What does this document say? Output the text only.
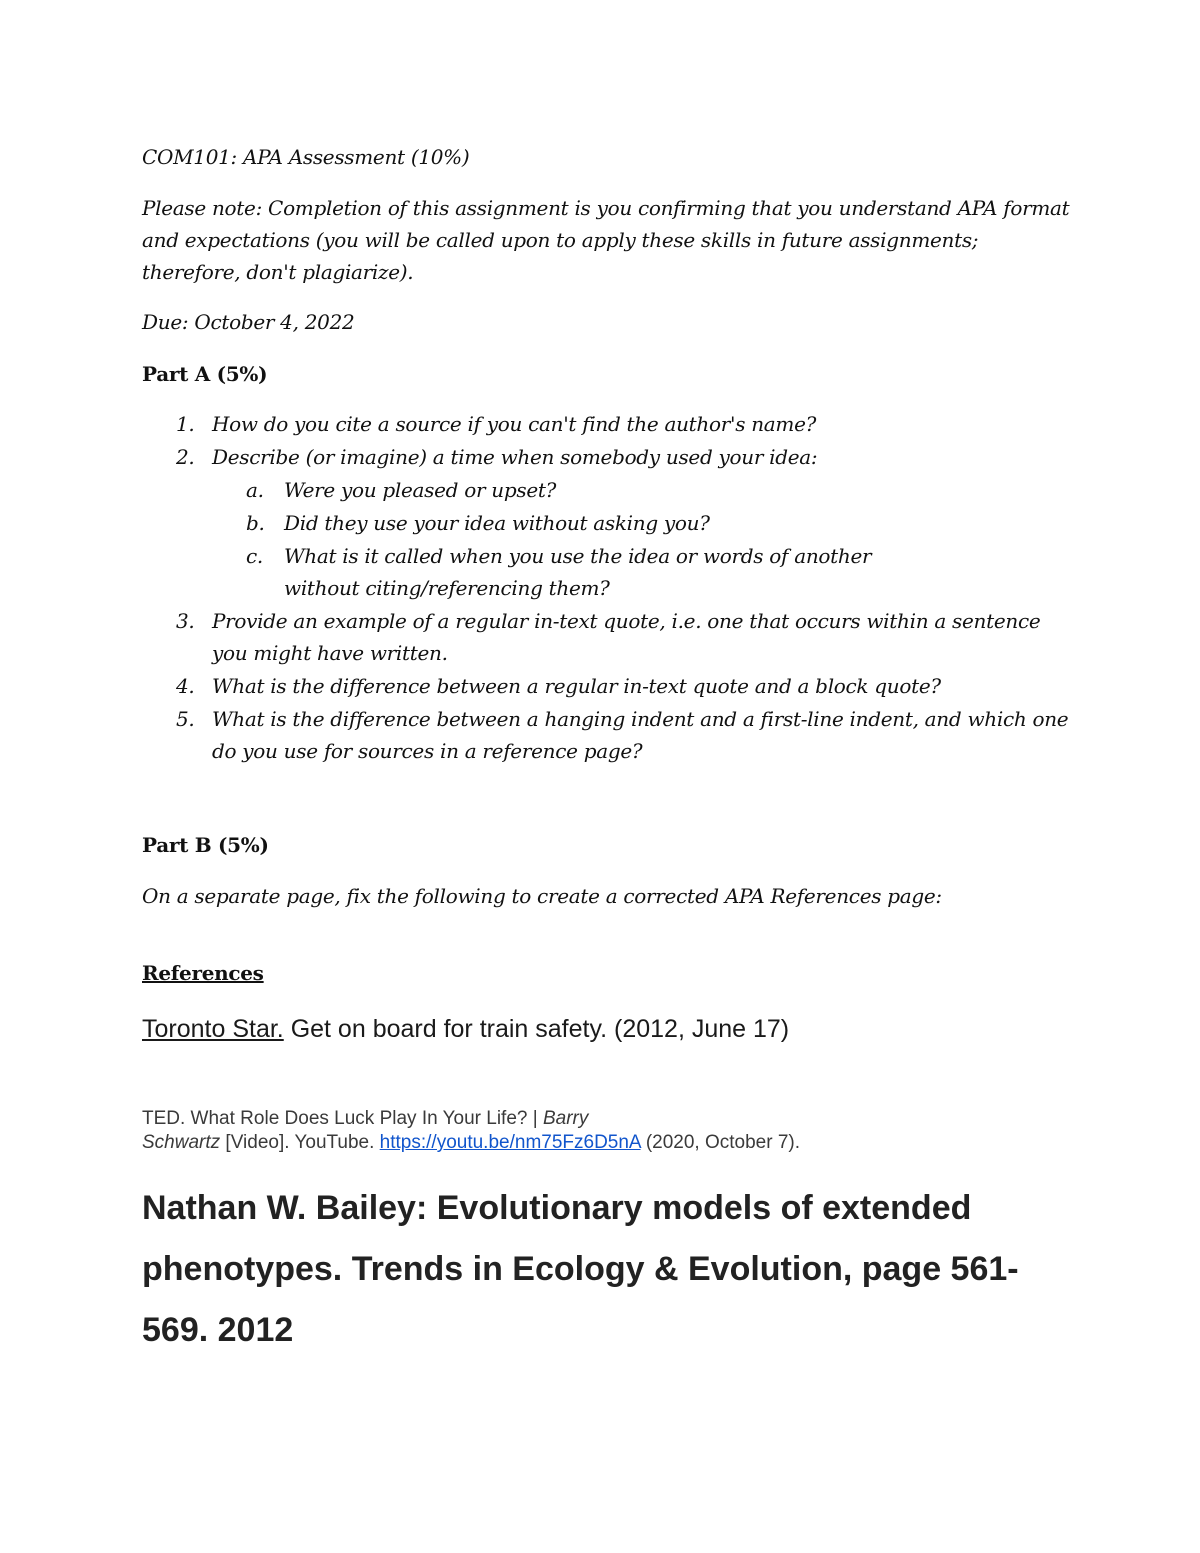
COM101: APA Assessment (10%)
Please note: Completion of this assignment is you confirming that you understand APA format and expectations (you will be called upon to apply these skills in future assignments; therefore, don't plagiarize).
Due: October 4, 2022
Part A (5%)
1. How do you cite a source if you can't find the author's name?
2. Describe (or imagine) a time when somebody used your idea:
a. Were you pleased or upset?
b. Did they use your idea without asking you?
c. What is it called when you use the idea or words of another without citing/referencing them?
3. Provide an example of a regular in-text quote, i.e. one that occurs within a sentence you might have written.
4. What is the difference between a regular in-text quote and a block quote?
5. What is the difference between a hanging indent and a first-line indent, and which one do you use for sources in a reference page?
Part B (5%)
On a separate page, fix the following to create a corrected APA References page:
References
Toronto Star. Get on board for train safety. (2012, June 17)
TED. What Role Does Luck Play In Your Life? | Barry
Schwartz [Video]. YouTube. https://youtu.be/nm75Fz6D5nA (2020, October 7).
Nathan W. Bailey: Evolutionary models of extended phenotypes. Trends in Ecology & Evolution, page 561-569. 2012
